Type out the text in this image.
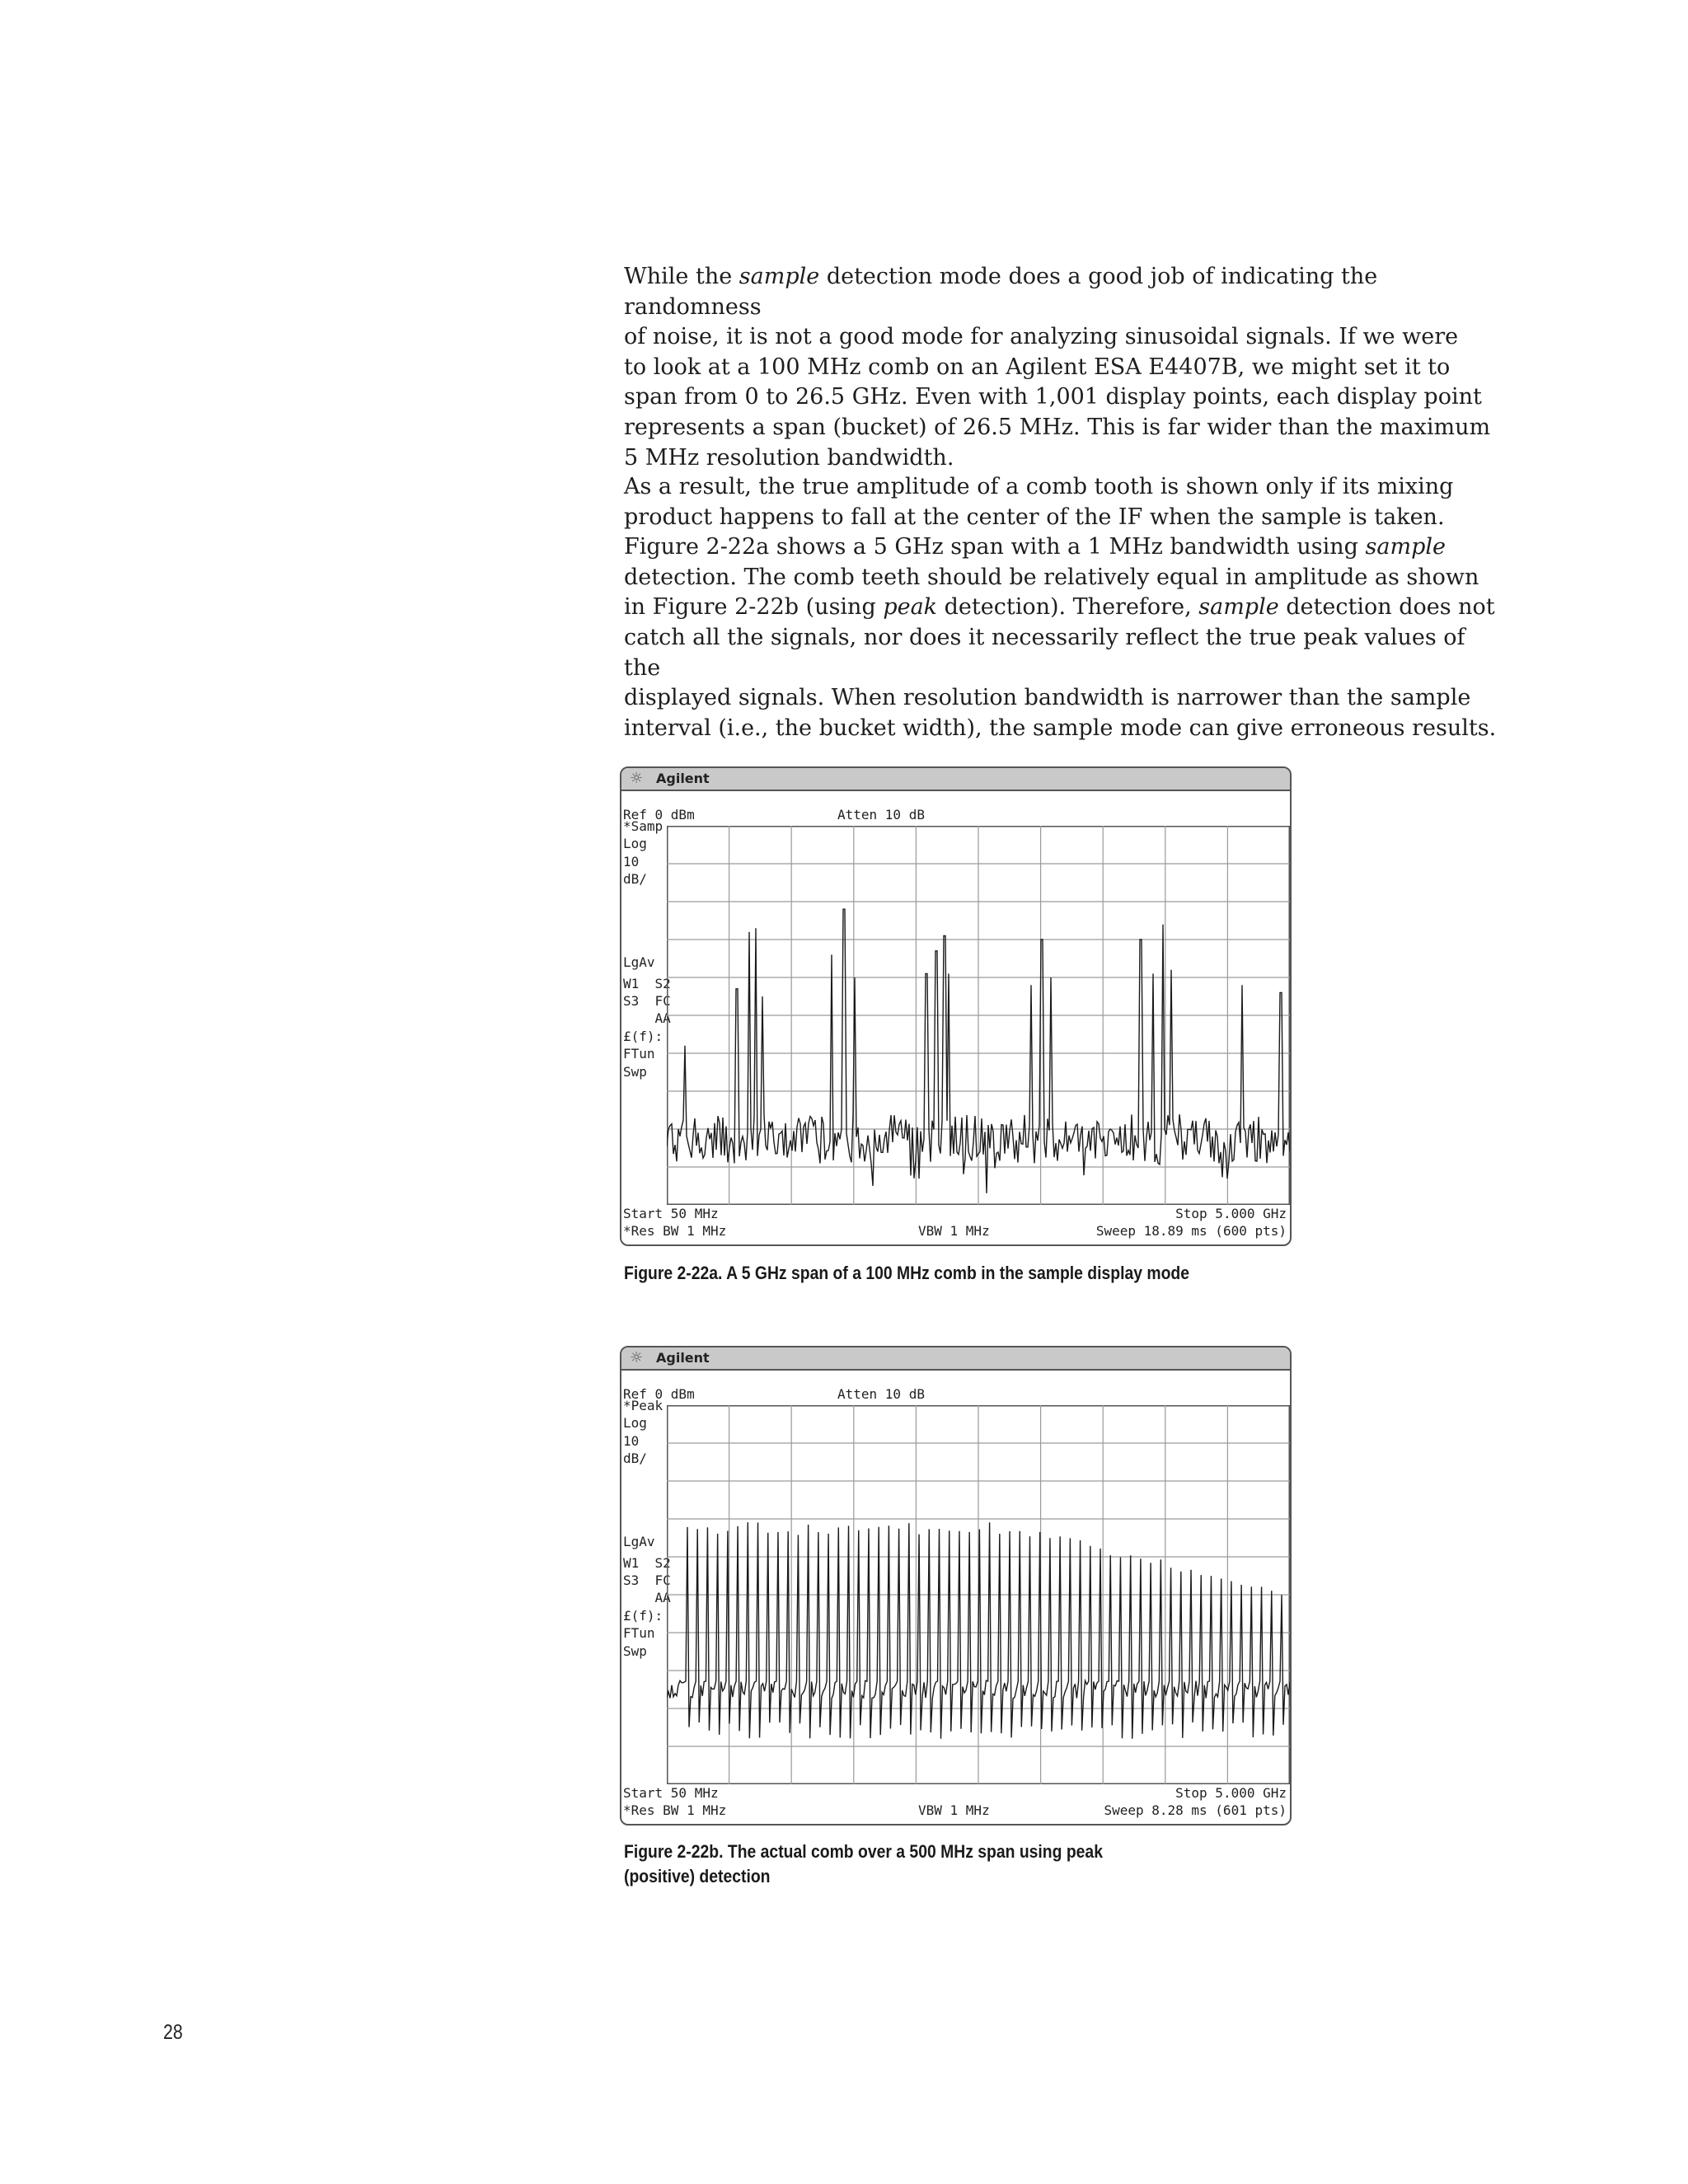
While the sample detection mode does a good job of indicating the randomness
of noise, it is not a good mode for analyzing sinusoidal signals. If we were
to look at a 100 MHz comb on an Agilent ESA E4407B, we might set it to
span from 0 to 26.5 GHz. Even with 1,001 display points, each display point
represents a span (bucket) of 26.5 MHz. This is far wider than the maximum
5 MHz resolution bandwidth.
As a result, the true amplitude of a comb tooth is shown only if its mixing
product happens to fall at the center of the IF when the sample is taken.
Figure 2-22a shows a 5 GHz span with a 1 MHz bandwidth using sample
detection. The comb teeth should be relatively equal in amplitude as shown
in Figure 2-22b (using peak detection). Therefore, sample detection does not
catch all the signals, nor does it necessarily reflect the true peak values of the
displayed signals. When resolution bandwidth is narrower than the sample
interval (i.e., the bucket width), the sample mode can give erroneous results.
☼ Agilent
Ref 0 dBm	Atten 10 dB
*Samp
Log
10
dB/
LgAv
W1  S2
S3  FC
AA
£(f):
FTun
Swp
Start 50 MHz	Stop 5.000 GHz
*Res BW 1 MHz	VBW 1 MHz	Sweep 18.89 ms (600 pts)
Figure 2-22a. A 5 GHz span of a 100 MHz comb in the sample display mode
☼ Agilent
Ref 0 dBm	Atten 10 dB
*Peak
Log
10
dB/
LgAv
W1  S2
S3  FC
AA
£(f):
FTun
Swp
Start 50 MHz	Stop 5.000 GHz
*Res BW 1 MHz	VBW 1 MHz	Sweep 8.28 ms (601 pts)
Figure 2-22b. The actual comb over a 500 MHz span using peak
(positive) detection
28
